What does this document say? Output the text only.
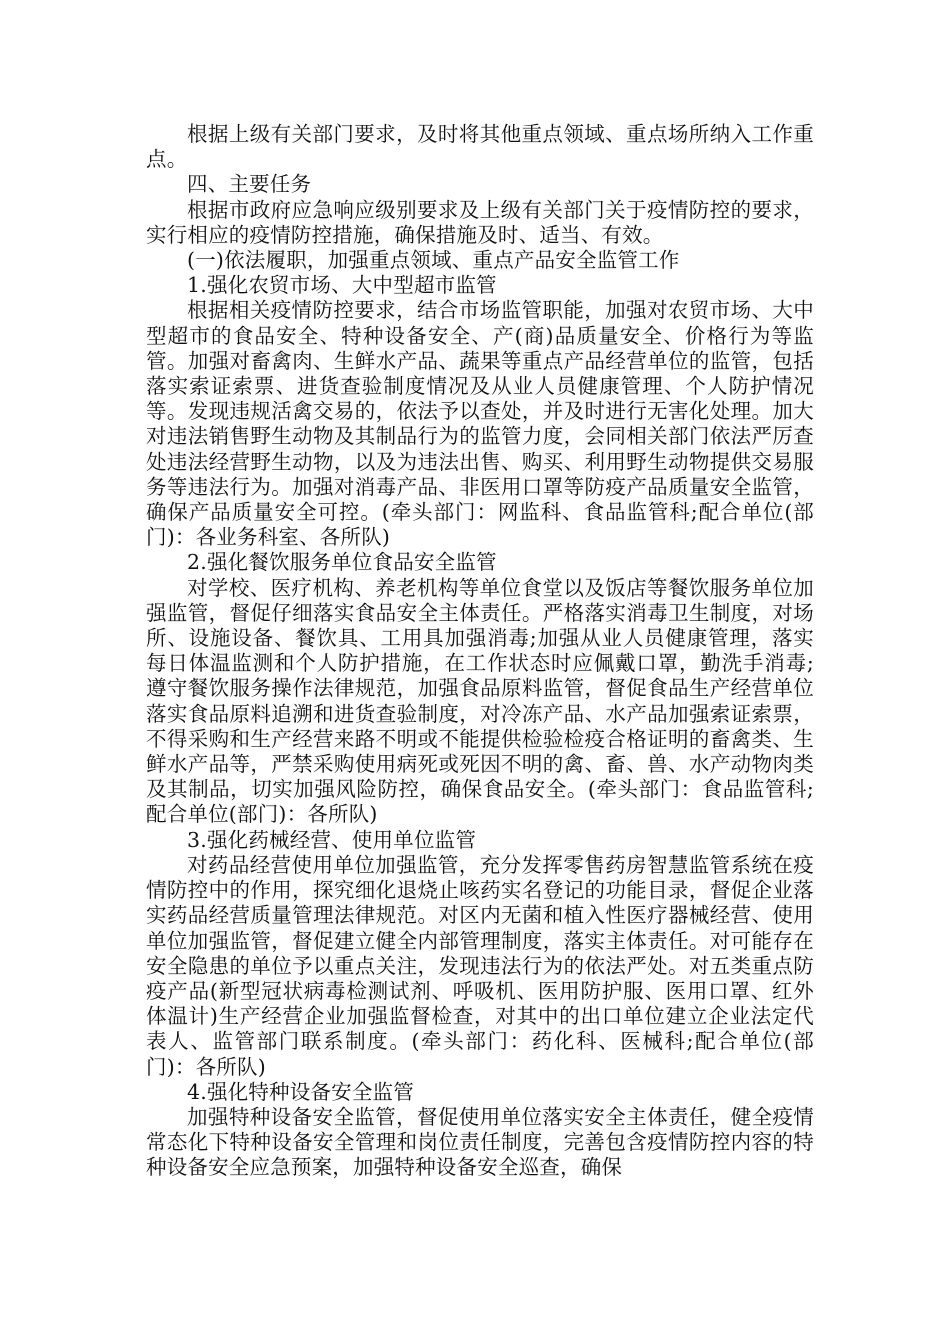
根据上级有关部门要求，及时将其他重点领域、重点场所纳入工作重点。

四、主要任务

根据市政府应急响应级别要求及上级有关部门关于疫情防控的要求，实行相应的疫情防控措施，确保措施及时、适当、有效。

(一)依法履职，加强重点领域、重点产品安全监管工作

1.强化农贸市场、大中型超市监管

根据相关疫情防控要求，结合市场监管职能，加强对农贸市场、大中型超市的食品安全、特种设备安全、产(商)品质量安全、价格行为等监管。加强对畜禽肉、生鲜水产品、蔬果等重点产品经营单位的监管，包括落实索证索票、进货查验制度情况及从业人员健康管理、个人防护情况等。发现违规活禽交易的，依法予以查处，并及时进行无害化处理。加大对违法销售野生动物及其制品行为的监管力度，会同相关部门依法严厉查处违法经营野生动物，以及为违法出售、购买、利用野生动物提供交易服务等违法行为。加强对消毒产品、非医用口罩等防疫产品质量安全监管，确保产品质量安全可控。(牵头部门：网监科、食品监管科;配合单位(部门)：各业务科室、各所队)

2.强化餐饮服务单位食品安全监管

对学校、医疗机构、养老机构等单位食堂以及饭店等餐饮服务单位加强监管，督促仔细落实食品安全主体责任。严格落实消毒卫生制度，对场所、设施设备、餐饮具、工用具加强消毒;加强从业人员健康管理，落实每日体温监测和个人防护措施，在工作状态时应佩戴口罩，勤洗手消毒;遵守餐饮服务操作法律规范，加强食品原料监管，督促食品生产经营单位落实食品原料追溯和进货查验制度，对冷冻产品、水产品加强索证索票，不得采购和生产经营来路不明或不能提供检验检疫合格证明的畜禽类、生鲜水产品等，严禁采购使用病死或死因不明的禽、畜、兽、水产动物肉类及其制品，切实加强风险防控，确保食品安全。(牵头部门：食品监管科;配合单位(部门)：各所队)

3.强化药械经营、使用单位监管

对药品经营使用单位加强监管，充分发挥零售药房智慧监管系统在疫情防控中的作用，探究细化退烧止咳药实名登记的功能目录，督促企业落实药品经营质量管理法律规范。对区内无菌和植入性医疗器械经营、使用单位加强监管，督促建立健全内部管理制度，落实主体责任。对可能存在安全隐患的单位予以重点关注，发现违法行为的依法严处。对五类重点防疫产品(新型冠状病毒检测试剂、呼吸机、医用防护服、医用口罩、红外体温计)生产经营企业加强监督检查，对其中的出口单位建立企业法定代表人、监管部门联系制度。(牵头部门：药化科、医械科;配合单位(部门)：各所队)

4.强化特种设备安全监管

加强特种设备安全监管，督促使用单位落实安全主体责任，健全疫情常态化下特种设备安全管理和岗位责任制度，完善包含疫情防控内容的特种设备安全应急预案，加强特种设备安全巡查，确保
